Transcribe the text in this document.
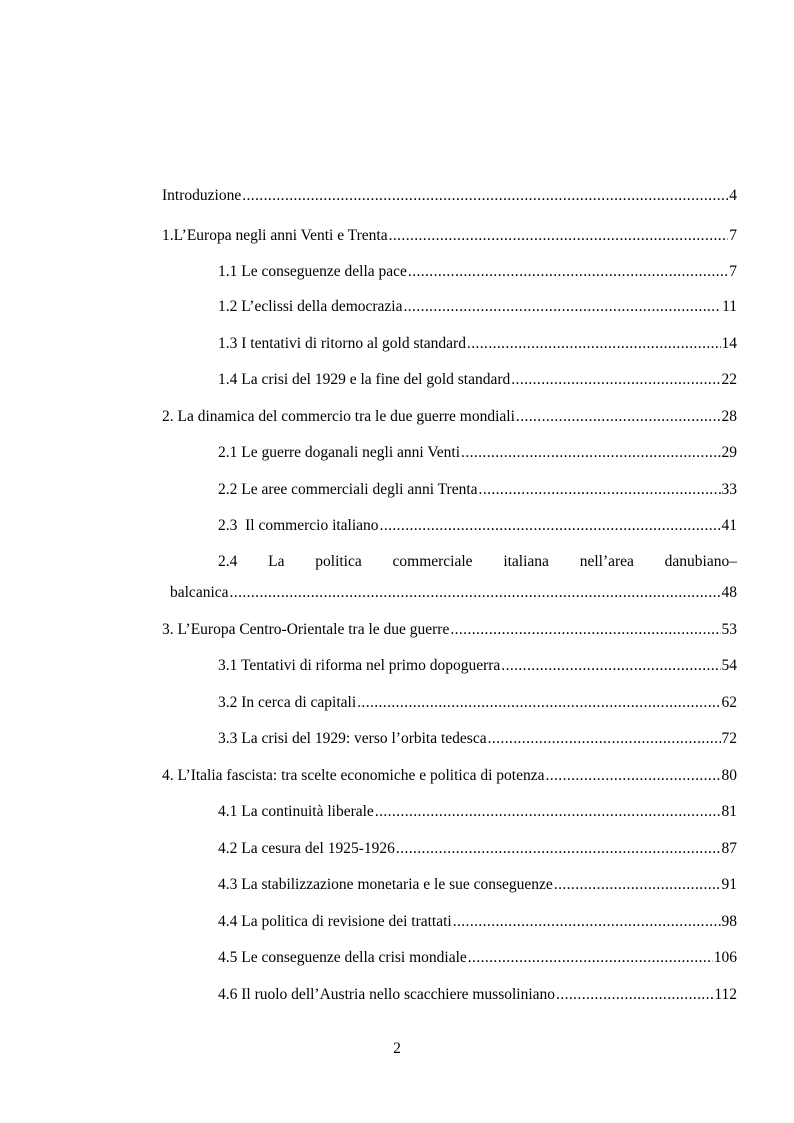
Introduzione .....	4
1.L’Europa negli anni Venti e Trenta .....	7
1.1 Le conseguenze della pace .....	7
1.2 L’eclissi della democrazia .....	11
1.3 I tentativi di ritorno al gold standard .....	14
1.4 La crisi del 1929 e la fine del gold standard .....	22
2. La dinamica del commercio tra le due guerre mondiali .....	28
2.1 Le guerre doganali negli anni Venti .....	29
2.2 Le aree commerciali degli anni Trenta .....	33
2.3  Il commercio italiano .....	41
2.4  La  politica  commerciale  italiana  nell’area  danubiano–
balcanica .....	48
3. L’Europa Centro-Orientale tra le due guerre .....	53
3.1 Tentativi di riforma nel primo dopoguerra .....	54
3.2 In cerca di capitali .....	62
3.3 La crisi del 1929: verso l’orbita tedesca .....	72
4. L’Italia fascista: tra scelte economiche e politica di potenza .....	80
4.1 La continuità liberale .....	81
4.2 La cesura del 1925-1926 .....	87
4.3 La stabilizzazione monetaria e le sue conseguenze .....	91
4.4 La politica di revisione dei trattati .....	98
4.5 Le conseguenze della crisi mondiale .....	106
4.6 Il ruolo dell’Austria nello scacchiere mussoliniano .....	112
2
